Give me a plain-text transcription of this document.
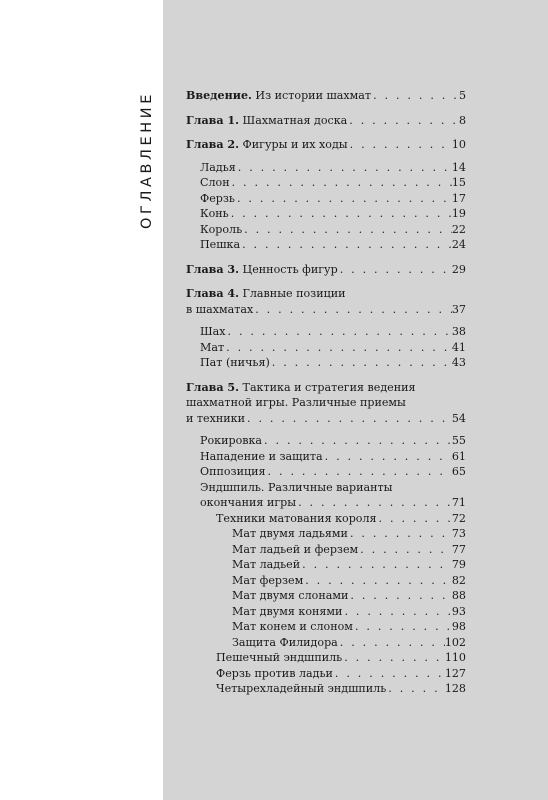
ОГЛАВЛЕНИЕ	Введение. Из истории шахмат . . .	5
Глава 1. Шахматная доска . . .	8
Глава 2. Фигуры и их ходы . . .	10
Ладья . . .	14
Слон . . .	15
Ферзь . . .	17
Конь . . .	19
Король . . .	22
Пешка . . .	24
Глава 3. Ценность фигур . . .	29
Глава 4. Главные позиции
в шахматах . . .	37
Шах . . .	38
Мат . . .	41
Пат (ничья) . . .	43
Глава 5. Тактика и стратегия ведения
шахматной игры. Различные приемы
и техники . . .	54
Рокировка . . .	55
Нападение и защита . . .	61
Оппозиция . . .	65
Эндшпиль. Различные варианты
окончания игры . . .	71
Техники матования короля . . .	72
Мат двумя ладьями . . .	73
Мат ладьей и ферзем . . .	77
Мат ладьей . . .	79
Мат ферзем . . .	82
Мат двумя слонами . . .	88
Мат двумя конями . . .	93
Мат конем и слоном . . .	98
Защита Филидора . . .	102
Пешечный эндшпиль . . .	110
Ферзь против ладьи . . .	127
Четырехладейный эндшпиль . . .	128
